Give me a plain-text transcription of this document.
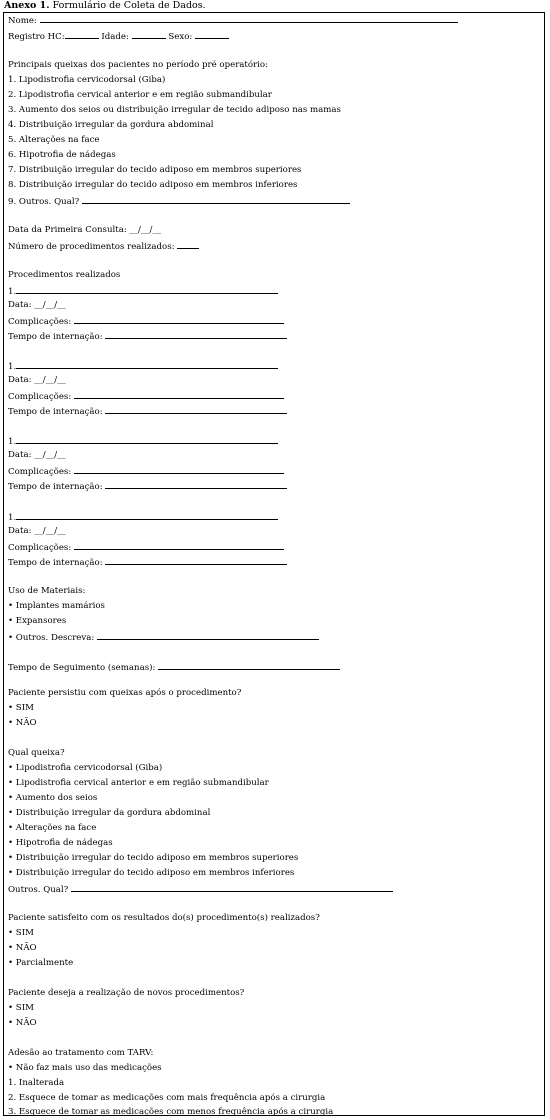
Anexo 1. Formulário de Coleta de Dados.
Nome:
Registro HC:	Idade:	Sexo:
Principais queixas dos pacientes no período pré operatório:
1. Lipodistrofia cervicodorsal (Giba)
2. Lipodistrofia cervical anterior e em região submandibular
3. Aumento dos seios ou distribuição irregular de tecido adiposo nas mamas
4. Distribuição irregular da gordura abdominal
5. Alterações na face
6. Hipotrofia de nádegas
7. Distribuição irregular do tecido adiposo em membros superiores
8. Distribuição irregular do tecido adiposo em membros inferiores
9. Outros. Qual?
Data da Primeira Consulta: __/__/__
Número de procedimentos realizados:
Procedimentos realizados
1.
Data: __/__/__
Complicações:
Tempo de internação:
1.
Data: __/__/__
Complicações:
Tempo de internação:
1.
Data: __/__/__
Complicações:
Tempo de internação:
1.
Data: __/__/__
Complicações:
Tempo de internação:
Uso de Materiais:
• Implantes mamários
• Expansores
• Outros. Descreva:
Tempo de Seguimento (semanas):
Paciente persistiu com queixas após o procedimento?
• SIM
• NÃO
Qual queixa?
• Lipodistrofia cervicodorsal (Giba)
• Lipodistrofia cervical anterior e em região submandibular
• Aumento dos seios
• Distribuição irregular da gordura abdominal
• Alterações na face
• Hipotrofia de nádegas
• Distribuição irregular do tecido adiposo em membros superiores
• Distribuição irregular do tecido adiposo em membros inferiores
Outros. Qual?
Paciente satisfeito com os resultados do(s) procedimento(s) realizados?
• SIM
• NÃO
• Parcialmente
Paciente deseja a realização de novos procedimentos?
• SIM
• NÃO
Adesão ao tratamento com TARV:
• Não faz mais uso das medicações
1. Inalterada
2. Esquece de tomar as medicações com mais frequência após a cirurgia
3. Esquece de tomar as medicações com menos frequência após a cirurgia
